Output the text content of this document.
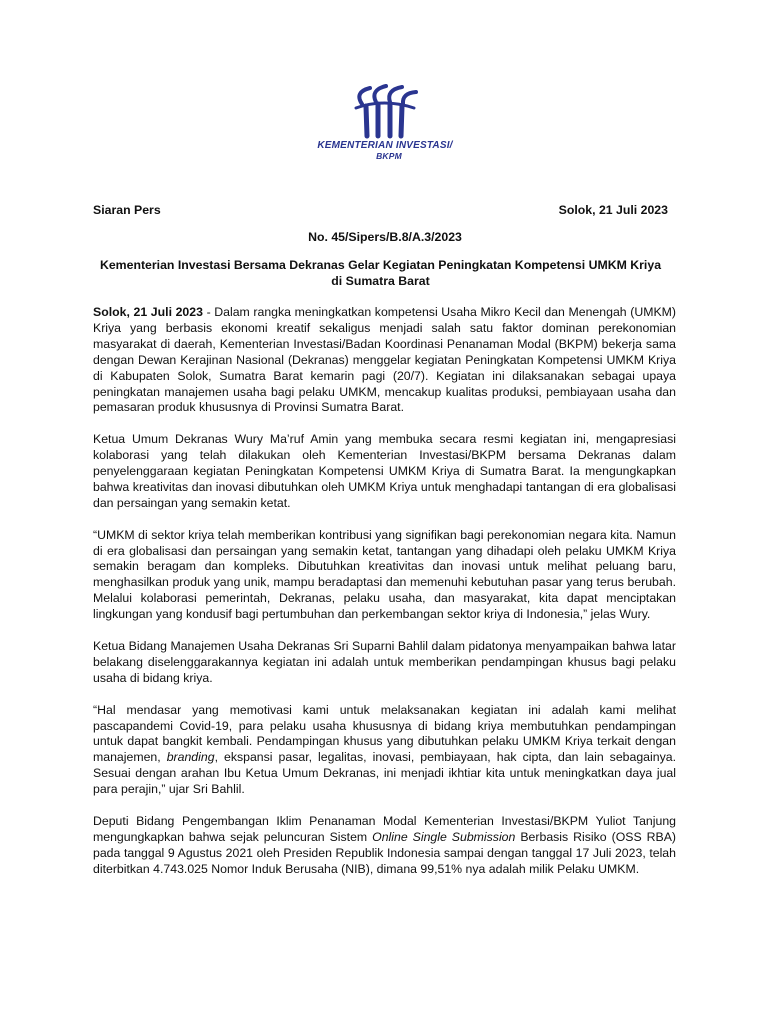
KEMENTERIAN INVESTASI/
BKPM
Siaran Pers	Solok, 21 Juli 2023
No. 45/Sipers/B.8/A.3/2023
Kementerian Investasi Bersama Dekranas Gelar Kegiatan Peningkatan Kompetensi UMKM Kriya di Sumatra Barat

Solok, 21 Juli 2023 - Dalam rangka meningkatkan kompetensi Usaha Mikro Kecil dan Menengah (UMKM) Kriya yang berbasis ekonomi kreatif sekaligus menjadi salah satu faktor dominan perekonomian masyarakat di daerah, Kementerian Investasi/Badan Koordinasi Penanaman Modal (BKPM) bekerja sama dengan Dewan Kerajinan Nasional (Dekranas) menggelar kegiatan Peningkatan Kompetensi UMKM Kriya di Kabupaten Solok, Sumatra Barat kemarin pagi (20/7). Kegiatan ini dilaksanakan sebagai upaya peningkatan manajemen usaha bagi pelaku UMKM, mencakup kualitas produksi, pembiayaan usaha dan pemasaran produk khususnya di Provinsi Sumatra Barat.

Ketua Umum Dekranas Wury Ma’ruf Amin yang membuka secara resmi kegiatan ini, mengapresiasi kolaborasi yang telah dilakukan oleh Kementerian Investasi/BKPM bersama Dekranas dalam penyelenggaraan kegiatan Peningkatan Kompetensi UMKM Kriya di Sumatra Barat. Ia mengungkapkan bahwa kreativitas dan inovasi dibutuhkan oleh UMKM Kriya untuk menghadapi tantangan di era globalisasi dan persaingan yang semakin ketat.

“UMKM di sektor kriya telah memberikan kontribusi yang signifikan bagi perekonomian negara kita. Namun di era globalisasi dan persaingan yang semakin ketat, tantangan yang dihadapi oleh pelaku UMKM Kriya semakin beragam dan kompleks. Dibutuhkan kreativitas dan inovasi untuk melihat peluang baru, menghasilkan produk yang unik, mampu beradaptasi dan memenuhi kebutuhan pasar yang terus berubah. Melalui kolaborasi pemerintah, Dekranas, pelaku usaha, dan masyarakat, kita dapat menciptakan lingkungan yang kondusif bagi pertumbuhan dan perkembangan sektor kriya di Indonesia,” jelas Wury.

Ketua Bidang Manajemen Usaha Dekranas Sri Suparni Bahlil dalam pidatonya menyampaikan bahwa latar belakang diselenggarakannya kegiatan ini adalah untuk memberikan pendampingan khusus bagi pelaku usaha di bidang kriya.

“Hal mendasar yang memotivasi kami untuk melaksanakan kegiatan ini adalah kami melihat pascapandemi Covid-19, para pelaku usaha khususnya di bidang kriya membutuhkan pendampingan untuk dapat bangkit kembali. Pendampingan khusus yang dibutuhkan pelaku UMKM Kriya terkait dengan manajemen, branding, ekspansi pasar, legalitas, inovasi, pembiayaan, hak cipta, dan lain sebagainya. Sesuai dengan arahan Ibu Ketua Umum Dekranas, ini menjadi ikhtiar kita untuk meningkatkan daya jual para perajin,” ujar Sri Bahlil.

Deputi Bidang Pengembangan Iklim Penanaman Modal Kementerian Investasi/BKPM Yuliot Tanjung mengungkapkan bahwa sejak peluncuran Sistem Online Single Submission Berbasis Risiko (OSS RBA) pada tanggal 9 Agustus 2021 oleh Presiden Republik Indonesia sampai dengan tanggal 17 Juli 2023, telah diterbitkan 4.743.025 Nomor Induk Berusaha (NIB), dimana 99,51% nya adalah milik Pelaku UMKM.
